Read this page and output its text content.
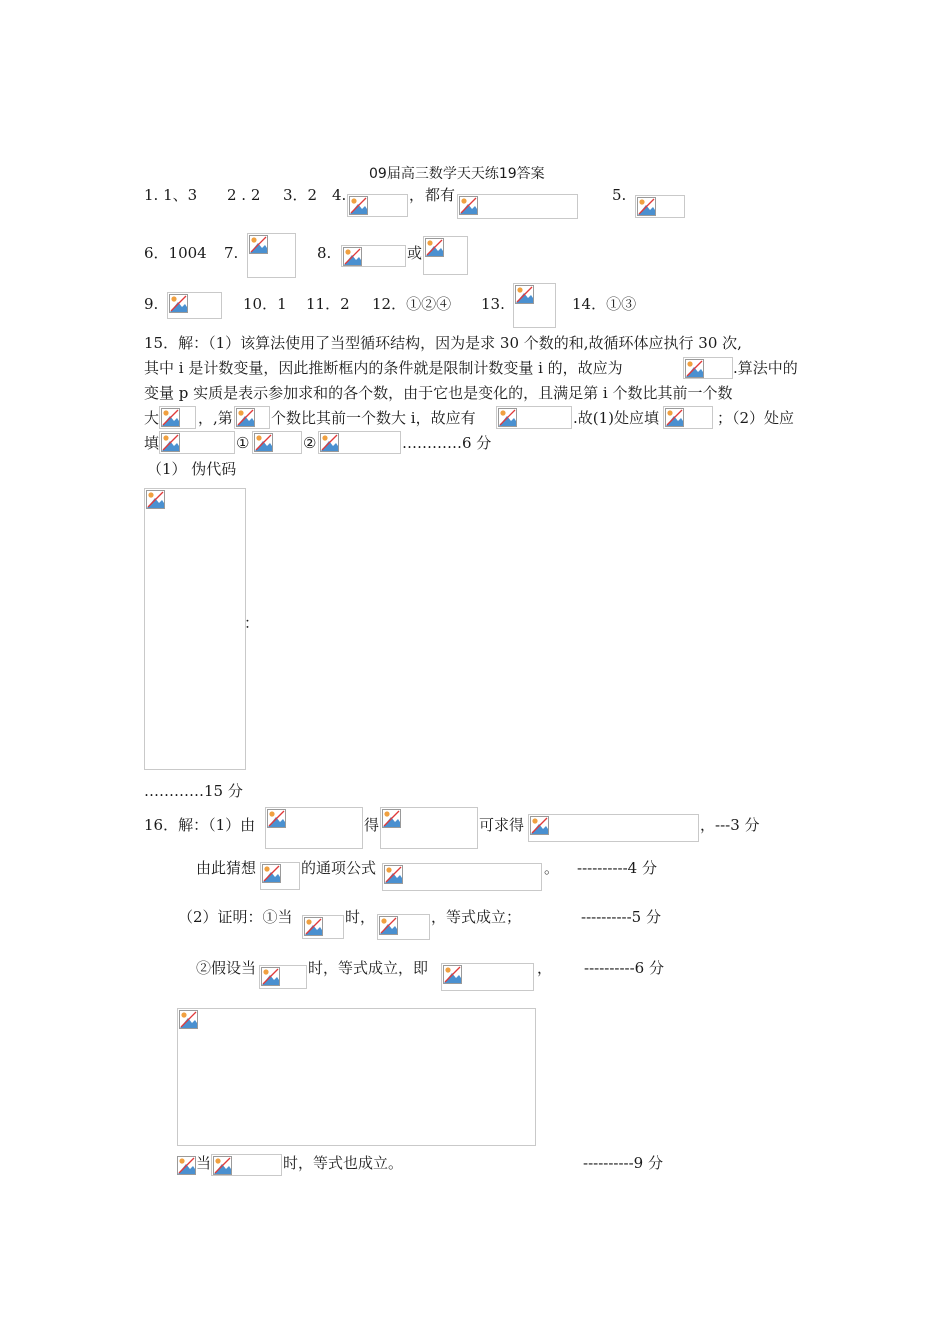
09届高三数学天天练19答案
1. 1、3 2 . 2 3．2 4.	， 都有	5.
6．1004 7.	8.	或
9.	10．1 11．2 12．①②④ 13.	14．①③
15．解：（1）该算法使用了当型循环结构，因为是求 30 个数的和,故循环体应执行 30 次,
其中 i 是计数变量，因此推断框内的条件就是限制计数变量 i 的，故应为	.算法中的
变量 p 实质是表示参加求和的各个数，由于它也是变化的，且满足第 i 个数比其前一个数
大	，,第	个数比其前一个数大 i，故应有	.故(1)处应填	；（2）处应
填	①	②	…………6 分
（1） 伪代码
：
…………15 分
16．解：（1）由	得	可求得	，---3 分
由此猜想	的通项公式	。 ----------4 分
（2）证明：①当	时，	，等式成立；	----------5 分
②假设当	时，等式成立，即	， ----------6 分
当	时，等式也成立。	----------9 分
